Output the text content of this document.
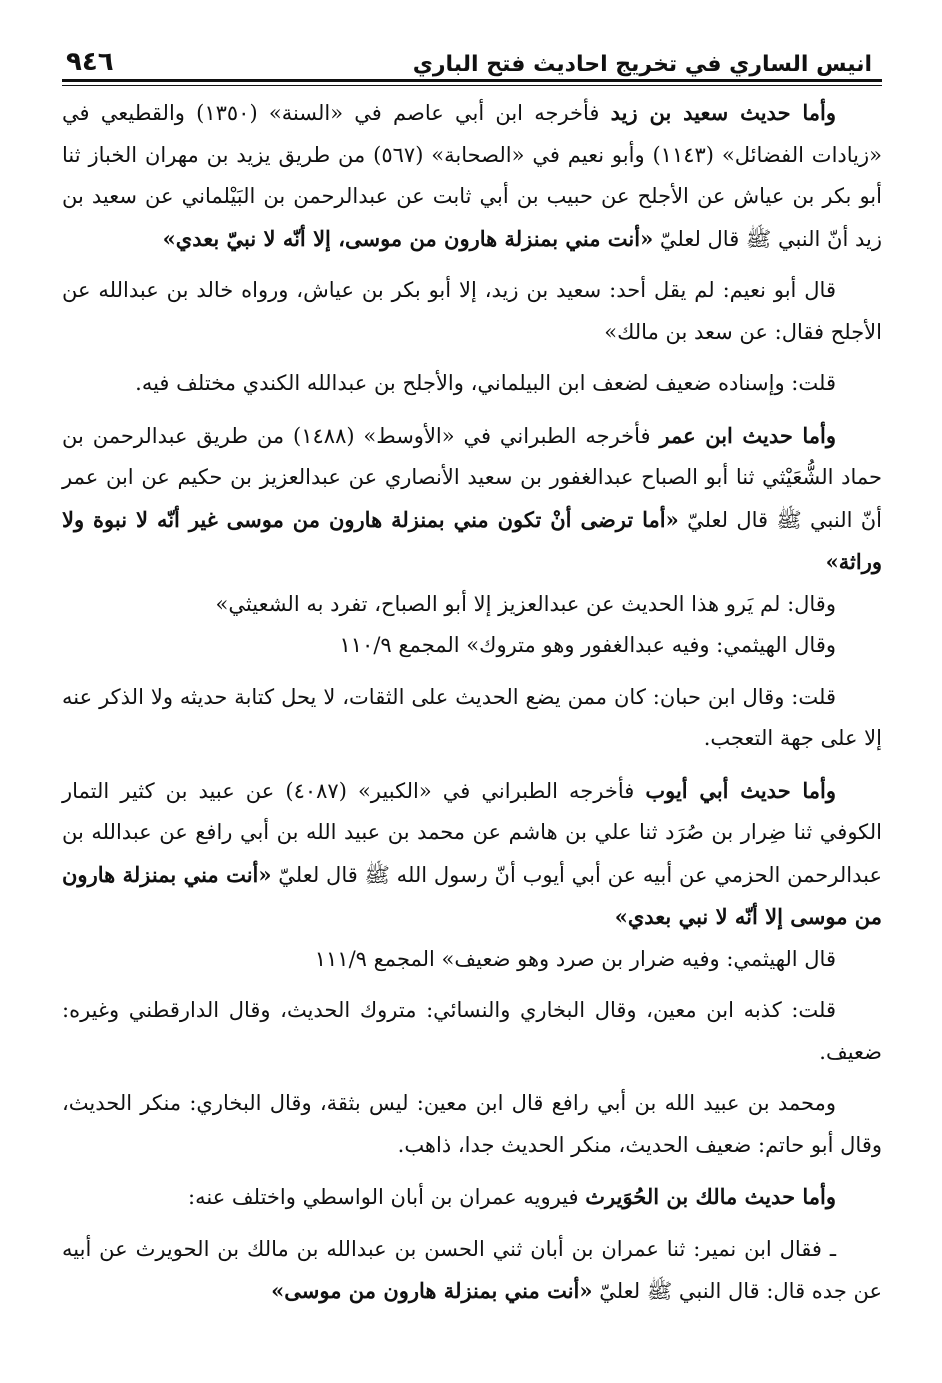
٩٤٦	انيس الساري في تخريج احاديث فتح الباري

وأما حديث سعيد بن زيد فأخرجه ابن أبي عاصم في «السنة» (١٣٥٠) والقطيعي في «زيادات الفضائل» (١١٤٣) وأبو نعيم في «الصحابة» (٥٦٧) من طريق يزيد بن مهران الخباز ثنا أبو بكر بن عياش عن الأجلح عن حبيب بن أبي ثابت عن عبدالرحمن بن البَيْلماني عن سعيد بن زيد أنّ النبي ﷺ قال لعليّ «أنت مني بمنزلة هارون من موسى، إلا أنّه لا نبيّ بعدي»

قال أبو نعيم: لم يقل أحد: سعيد بن زيد، إلا أبو بكر بن عياش، ورواه خالد بن عبدالله عن الأجلح فقال: عن سعد بن مالك»

قلت: وإسناده ضعيف لضعف ابن البيلماني، والأجلح بن عبدالله الكندي مختلف فيه.

وأما حديث ابن عمر فأخرجه الطبراني في «الأوسط» (١٤٨٨) من طريق عبدالرحمن بن حماد الشُّعَيْثي ثنا أبو الصباح عبدالغفور بن سعيد الأنصاري عن عبدالعزيز بن حكيم عن ابن عمر أنّ النبي ﷺ قال لعليّ «أما ترضى أنْ تكون مني بمنزلة هارون من موسى غير أنّه لا نبوة ولا وراثة»

وقال: لم يَرو هذا الحديث عن عبدالعزيز إلا أبو الصباح، تفرد به الشعيثي»

وقال الهيثمي: وفيه عبدالغفور وهو متروك» المجمع ١١٠/٩

قلت: وقال ابن حبان: كان ممن يضع الحديث على الثقات، لا يحل كتابة حديثه ولا الذكر عنه إلا على جهة التعجب.

وأما حديث أبي أيوب فأخرجه الطبراني في «الكبير» (٤٠٨٧) عن عبيد بن كثير التمار الكوفي ثنا ضِرار بن صُرَد ثنا علي بن هاشم عن محمد بن عبيد الله بن أبي رافع عن عبدالله بن عبدالرحمن الحزمي عن أبيه عن أبي أيوب أنّ رسول الله ﷺ قال لعليّ «أنت مني بمنزلة هارون من موسى إلا أنّه لا نبي بعدي»

قال الهيثمي: وفيه ضرار بن صرد وهو ضعيف» المجمع ١١١/٩

قلت: كذبه ابن معين، وقال البخاري والنسائي: متروك الحديث، وقال الدارقطني وغيره: ضعيف.

ومحمد بن عبيد الله بن أبي رافع قال ابن معين: ليس بثقة، وقال البخاري: منكر الحديث، وقال أبو حاتم: ضعيف الحديث، منكر الحديث جدا، ذاهب.

وأما حديث مالك بن الحُوَيرث فيرويه عمران بن أبان الواسطي واختلف عنه:

ـ فقال ابن نمير: ثنا عمران بن أبان ثني الحسن بن عبدالله بن مالك بن الحويرث عن أبيه عن جده قال: قال النبي ﷺ لعليّ «أنت مني بمنزلة هارون من موسى»
